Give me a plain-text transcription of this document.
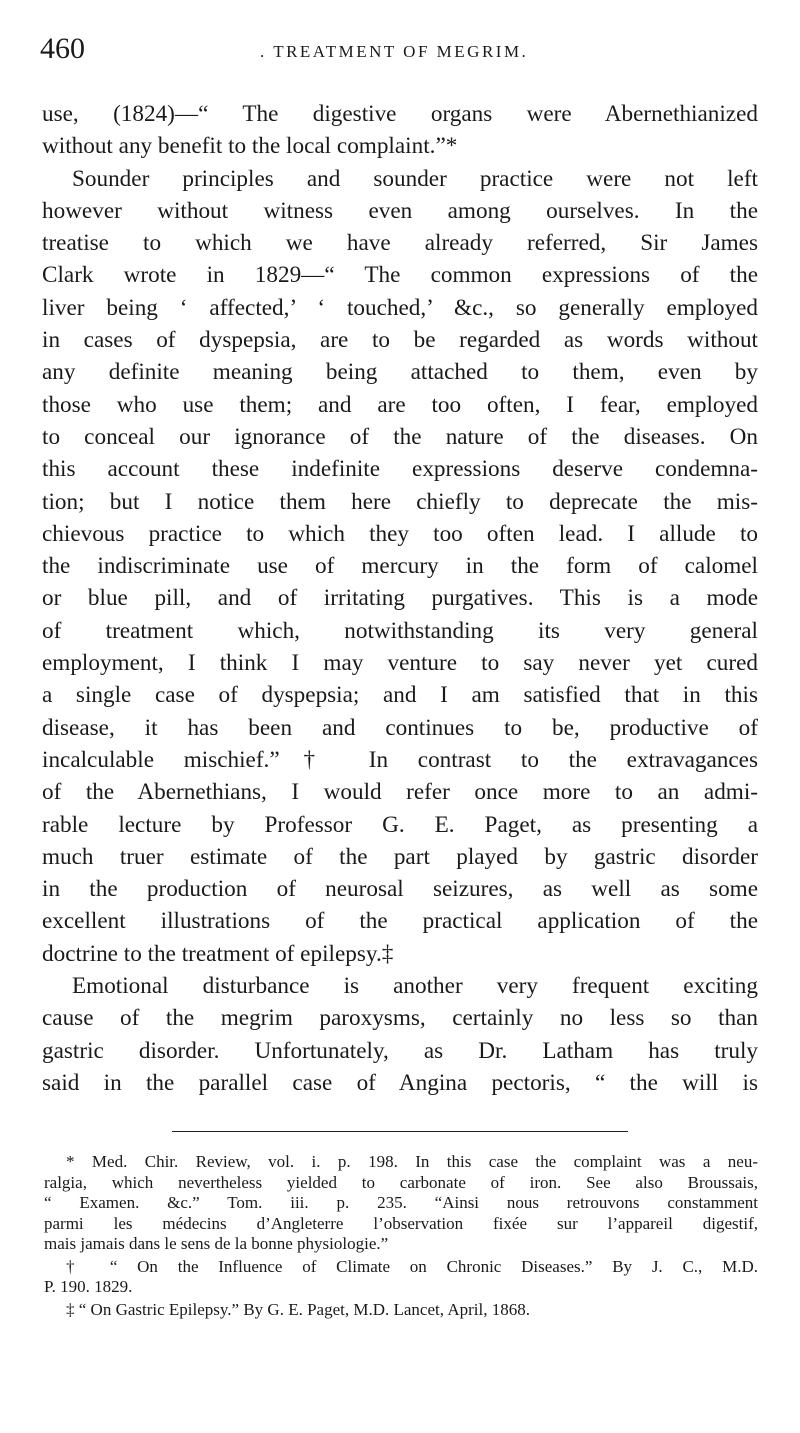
460	. TREATMENT OF MEGRIM.
use, (1824)—“ The digestive organs were Abernethianized
without any benefit to the local complaint.”*
Sounder principles and sounder practice were not left
however without witness even among ourselves. In the
treatise to which we have already referred, Sir James
Clark wrote in 1829—“ The common expressions of the
liver being ‘ affected,’ ‘ touched,’ &c., so generally employed
in cases of dyspepsia, are to be regarded as words without
any definite meaning being attached to them, even by
those who use them; and are too often, I fear, employed
to conceal our ignorance of the nature of the diseases. On
this account these indefinite expressions deserve condemna-
tion; but I notice them here chiefly to deprecate the mis-
chievous practice to which they too often lead. I allude to
the indiscriminate use of mercury in the form of calomel
or blue pill, and of irritating purgatives. This is a mode
of treatment which, notwithstanding its very general
employment, I think I may venture to say never yet cured
a single case of dyspepsia; and I am satisfied that in this
disease, it has been and continues to be, productive of
incalculable mischief.”† In contrast to the extravagances
of the Abernethians, I would refer once more to an admi-
rable lecture by Professor G. E. Paget, as presenting a
much truer estimate of the part played by gastric disorder
in the production of neurosal seizures, as well as some
excellent illustrations of the practical application of the
doctrine to the treatment of epilepsy.‡
Emotional disturbance is another very frequent exciting
cause of the megrim paroxysms, certainly no less so than
gastric disorder. Unfortunately, as Dr. Latham has truly
said in the parallel case of Angina pectoris, “ the will is
* Med. Chir. Review, vol. i. p. 198. In this case the complaint was a neu-
ralgia, which nevertheless yielded to carbonate of iron. See also Broussais,
“ Examen. &c.” Tom. iii. p. 235. “Ainsi nous retrouvons constamment
parmi les médecins d’Angleterre l’observation fixée sur l’appareil digestif,
mais jamais dans le sens de la bonne physiologie.”
† “ On the Influence of Climate on Chronic Diseases.” By J. C., M.D.
P. 190. 1829.
‡ “ On Gastric Epilepsy.” By G. E. Paget, M.D. Lancet, April, 1868.
